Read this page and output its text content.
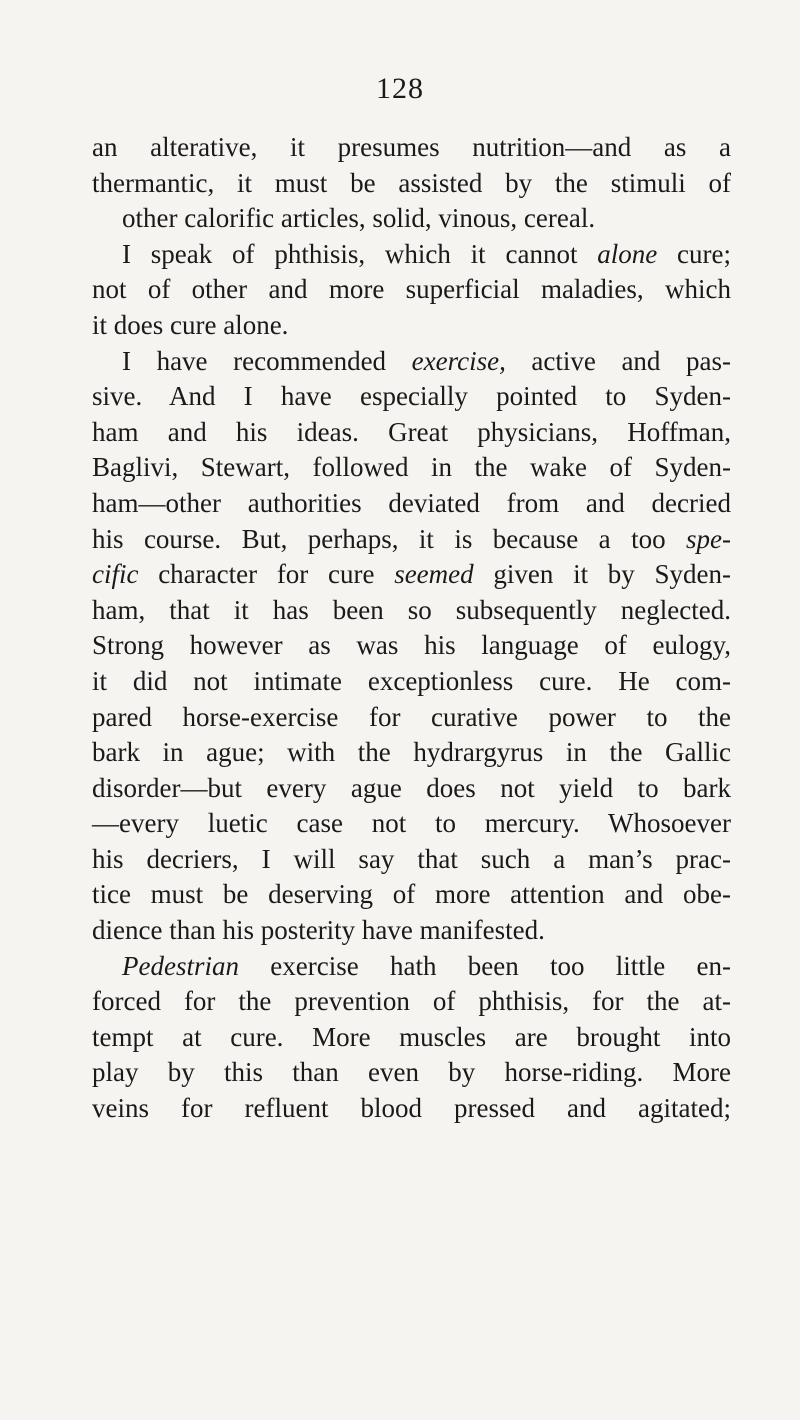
128
an alterative, it presumes nutrition—and as a
thermantic, it must be assisted by the stimuli of
other calorific articles, solid, vinous, cereal.
I speak of phthisis, which it cannot alone cure;
not of other and more superficial maladies, which
it does cure alone.
I have recommended exercise, active and pas-
sive. And I have especially pointed to Syden-
ham and his ideas. Great physicians, Hoffman,
Baglivi, Stewart, followed in the wake of Syden-
ham—other authorities deviated from and decried
his course. But, perhaps, it is because a too spe-
cific character for cure seemed given it by Syden-
ham, that it has been so subsequently neglected.
Strong however as was his language of eulogy,
it did not intimate exceptionless cure. He com-
pared horse-exercise for curative power to the
bark in ague; with the hydrargyrus in the Gallic
disorder—but every ague does not yield to bark
—every luetic case not to mercury. Whosoever
his decriers, I will say that such a man’s prac-
tice must be deserving of more attention and obe-
dience than his posterity have manifested.
Pedestrian exercise hath been too little en-
forced for the prevention of phthisis, for the at-
tempt at cure. More muscles are brought into
play by this than even by horse-riding. More
veins for refluent blood pressed and agitated;
